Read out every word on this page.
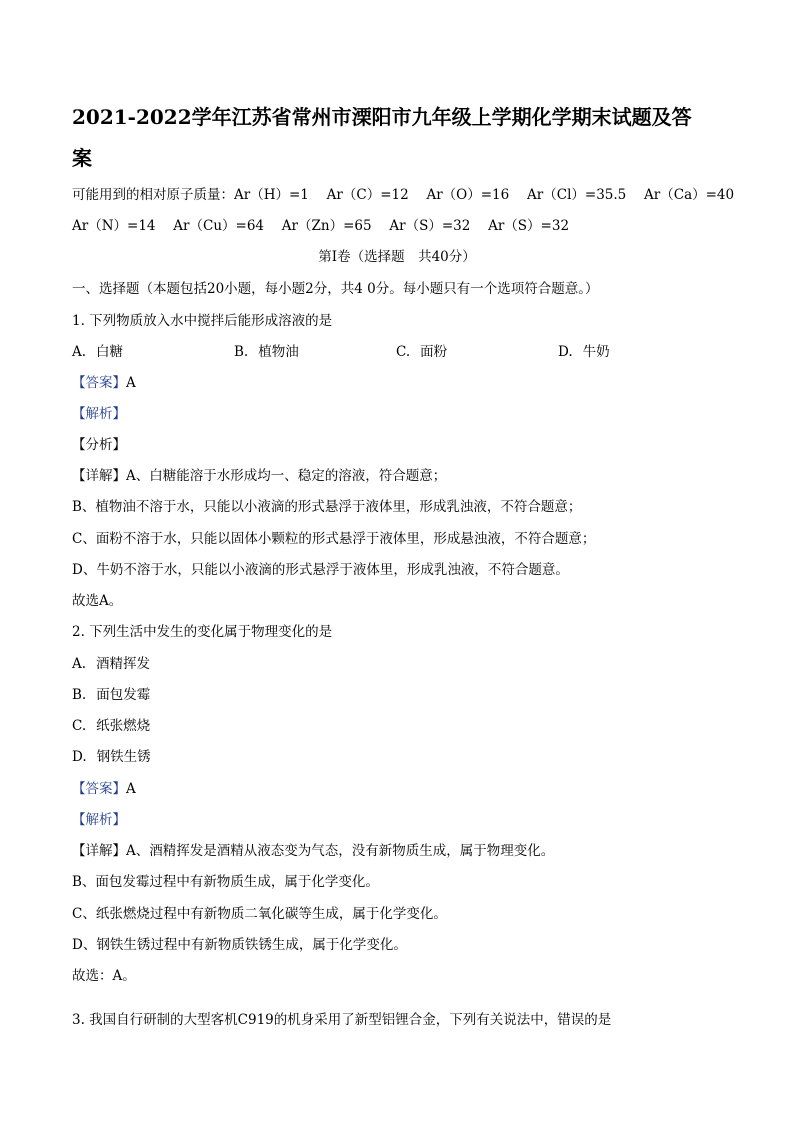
2021-2022学年江苏省常州市溧阳市九年级上学期化学期末试题及答
案
可能用到的相对原子质量：Ar（H）=1　 Ar（C）=12　 Ar（O）=16　 Ar（Cl）=35.5　 Ar（Ca）=40
Ar（N）=14　 Ar（Cu）=64　 Ar（Zn）=65　 Ar（S）=32　 Ar（S）=32
第Ⅰ卷（选择题　共40分）
一、选择题（本题包括20小题，每小题2分，共4 0分。每小题只有一个选项符合题意。）
1. 下列物质放入水中搅拌后能形成溶液的是
A. 白糖	B. 植物油	C. 面粉	D. 牛奶
【答案】A
【解析】
【分析】
【详解】A、白糖能溶于水形成均一、稳定的溶液，符合题意；
B、植物油不溶于水，只能以小液滴的形式悬浮于液体里，形成乳浊液，不符合题意；
C、面粉不溶于水，只能以固体小颗粒的形式悬浮于液体里，形成悬浊液，不符合题意；
D、牛奶不溶于水，只能以小液滴的形式悬浮于液体里，形成乳浊液，不符合题意。
故选A。
2. 下列生活中发生的变化属于物理变化的是
A. 酒精挥发
B. 面包发霉
C. 纸张燃烧
D. 钢铁生锈
【答案】A
【解析】
【详解】A、酒精挥发是酒精从液态变为气态，没有新物质生成，属于物理变化。
B、面包发霉过程中有新物质生成，属于化学变化。
C、纸张燃烧过程中有新物质二氧化碳等生成，属于化学变化。
D、钢铁生锈过程中有新物质铁锈生成，属于化学变化。
故选：A。
3. 我国自行研制的大型客机C919的机身采用了新型铝锂合金，下列有关说法中，错误的是
